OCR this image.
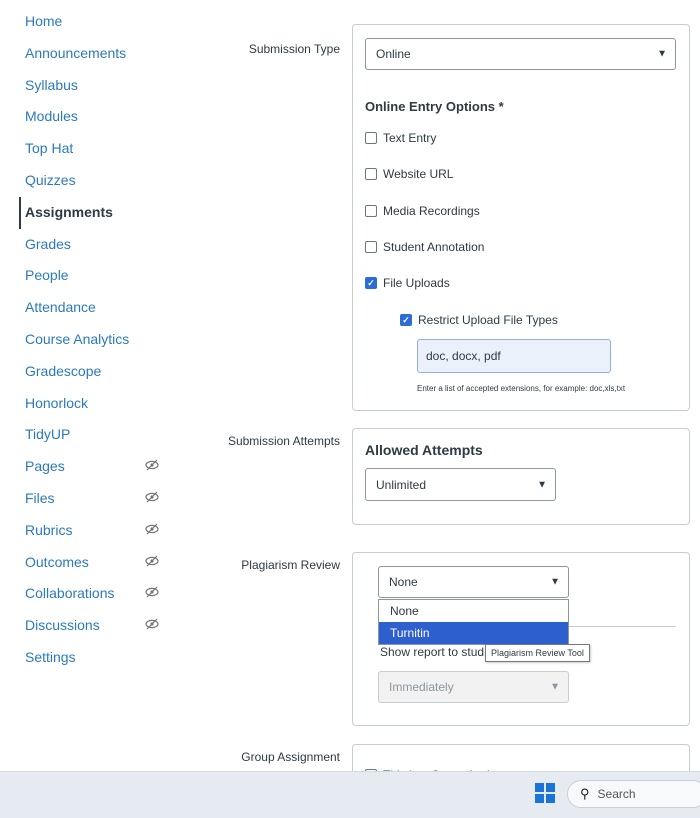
Home
Announcements
Syllabus
Modules
Top Hat
Quizzes
Assignments
Grades
People
Attendance
Course Analytics
Gradescope
Honorlock
TidyUP
Pages
Files
Rubrics
Outcomes
Collaborations
Discussions
Settings
Submission Type	Online	▼
Online Entry Options *
Text Entry
Website URL
Media Recordings
Student Annotation
✓ File Uploads
✓ Restrict Upload File Types
doc, docx, pdf
Enter a list of accepted extensions, for example: doc,xls,txt
Submission Attempts
Allowed Attempts
Unlimited	▼
Plagiarism Review
None	▼
None
Turnitin
Show report to stud Plagiarism Review Tool
Immediately	▼
Group Assignment
⚲ Search
